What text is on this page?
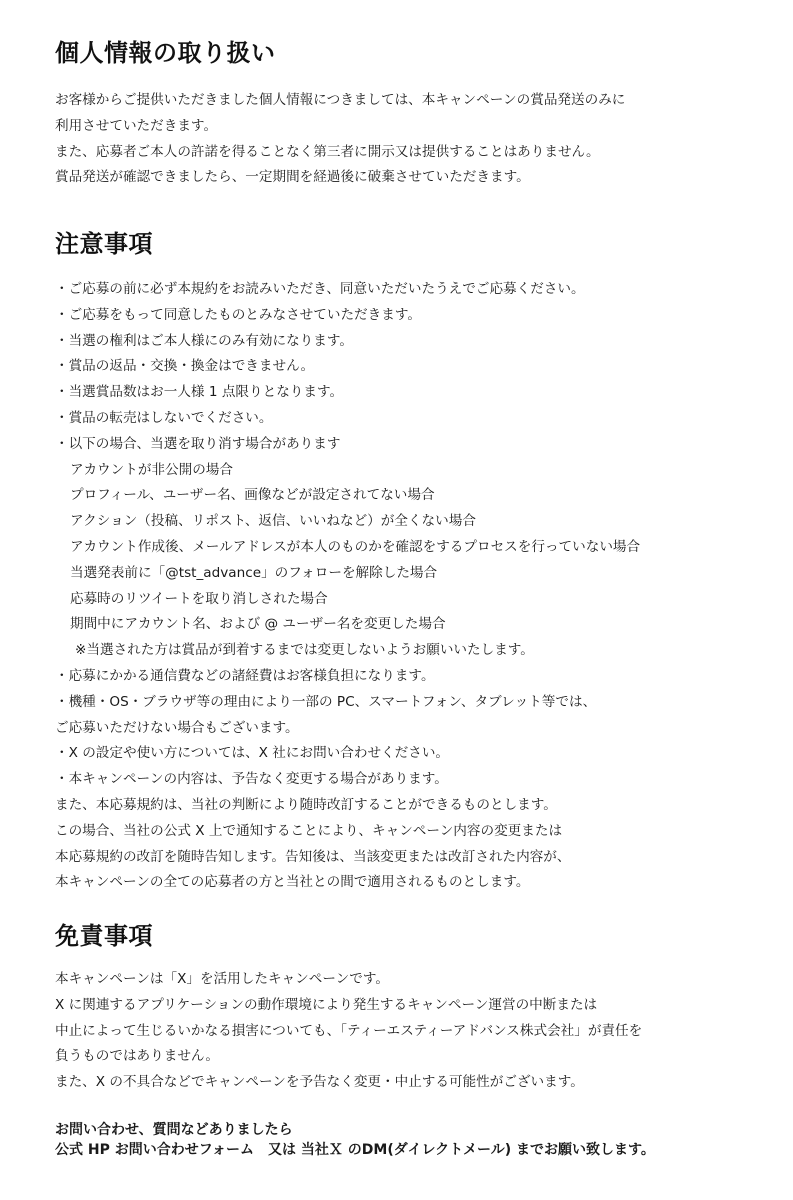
個人情報の取り扱い
お客様からご提供いただきました個人情報につきましては、本キャンペーンの賞品発送のみに
利用させていただきます。
また、応募者ご本人の許諾を得ることなく第三者に開示又は提供することはありません。
賞品発送が確認できましたら、一定期間を経過後に破棄させていただきます。
注意事項
・ご応募の前に必ず本規約をお読みいただき、同意いただいたうえでご応募ください。
・ご応募をもって同意したものとみなさせていただきます。
・当選の権利はご本人様にのみ有効になります。
・賞品の返品・交換・換金はできません。
・当選賞品数はお一人様 1 点限りとなります。
・賞品の転売はしないでください。
・以下の場合、当選を取り消す場合があります
アカウントが非公開の場合
プロフィール、ユーザー名、画像などが設定されてない場合
アクション（投稿、リポスト、返信、いいねなど）が全くない場合
アカウント作成後、メールアドレスが本人のものかを確認をするプロセスを行っていない場合
当選発表前に「@tst_advance」のフォローを解除した場合
応募時のリツイートを取り消しされた場合
期間中にアカウント名、および @ ユーザー名を変更した場合
※当選された方は賞品が到着するまでは変更しないようお願いいたします。
・応募にかかる通信費などの諸経費はお客様負担になります。
・機種・OS・ブラウザ等の理由により一部の PC、スマートフォン、タブレット等では、
ご応募いただけない場合もございます。
・X の設定や使い方については、X 社にお問い合わせください。
・本キャンペーンの内容は、予告なく変更する場合があります。
また、本応募規約は、当社の判断により随時改訂することができるものとします。
この場合、当社の公式 X 上で通知することにより、キャンペーン内容の変更または
本応募規約の改訂を随時告知します。告知後は、当該変更または改訂された内容が、
本キャンペーンの全ての応募者の方と当社との間で適用されるものとします。
免責事項
本キャンペーンは「X」を活用したキャンペーンです。
X に関連するアプリケーションの動作環境により発生するキャンペーン運営の中断または
中止によって生じるいかなる損害についても、「ティーエスティーアドバンス株式会社」が責任を
負うものではありません。
また、X の不具合などでキャンペーンを予告なく変更・中止する可能性がございます。
お問い合わせ、質問などありましたら
公式 HP お問い合わせフォーム　又は 当社Ｘ のDM(ダイレクトメール) までお願い致します。
